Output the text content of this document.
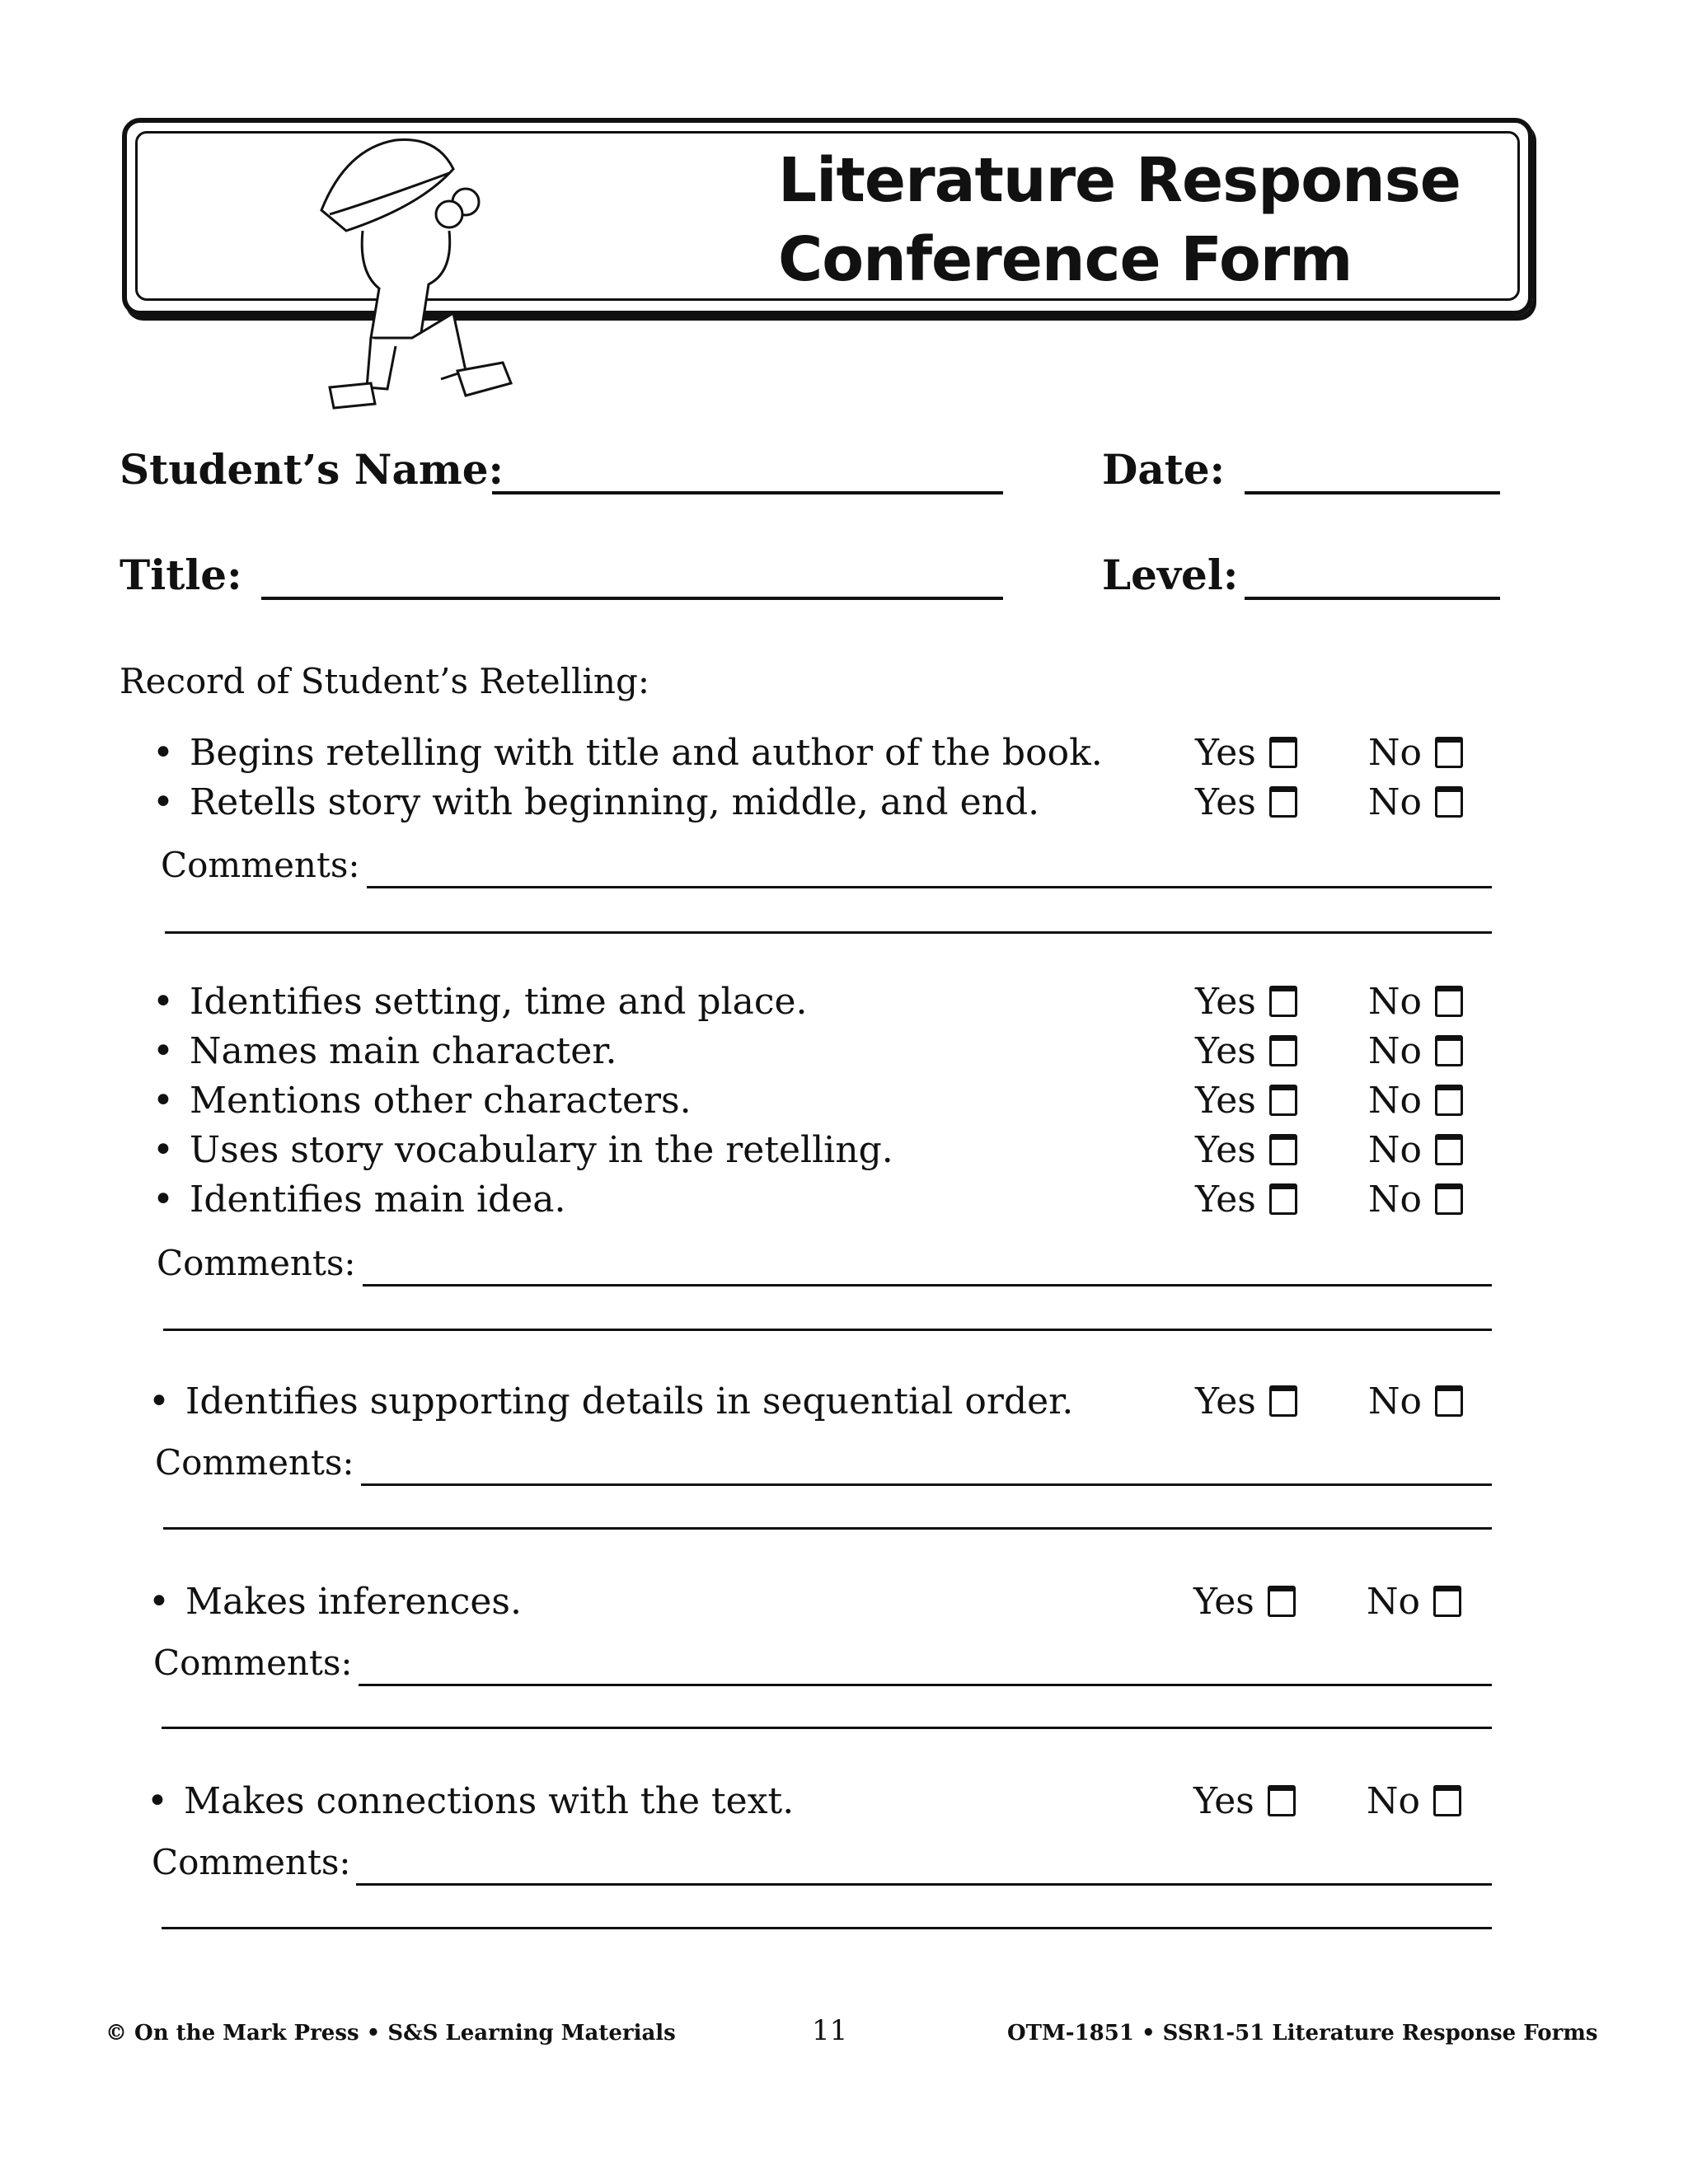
Literature Response
Conference Form
Student’s Name:	Date:
Title:	Level:
Record of Student’s Retelling:
• Begins retelling with title and author of the book.	Yes	No
• Retells story with beginning, middle, and end.	Yes	No
Comments:
• Identifies setting, time and place.	Yes	No
• Names main character.	Yes	No
• Mentions other characters.	Yes	No
• Uses story vocabulary in the retelling.	Yes	No
• Identifies main idea.	Yes	No
Comments:
• Identifies supporting details in sequential order.	Yes	No
Comments:
• Makes inferences.	Yes	No
Comments:
• Makes connections with the text.	Yes	No
Comments:
© On the Mark Press • S&S Learning Materials	11	OTM-1851 • SSR1-51 Literature Response Forms
